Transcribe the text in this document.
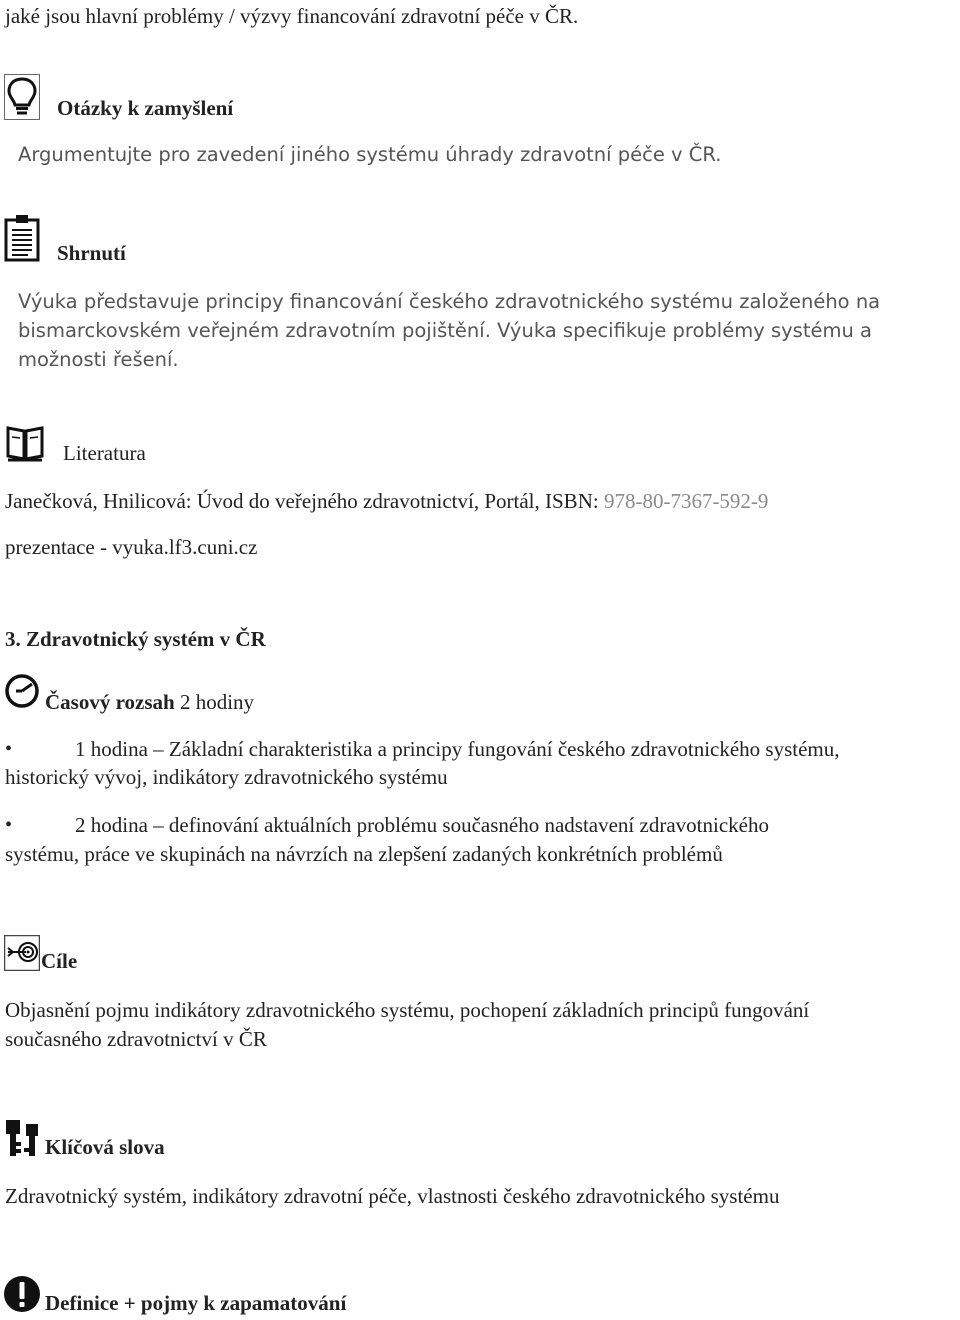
jaké jsou hlavní problémy / výzvy financování zdravotní péče v ČR.
Otázky k zamyšlení
Argumentujte pro zavedení jiného systému úhrady zdravotní péče v ČR.
Shrnutí
Výuka představuje principy financování českého zdravotnického systému založeného na
bismarckovském veřejném zdravotním pojištění. Výuka specifikuje problémy systému a
možnosti řešení.
Literatura
Janečková, Hnilicová: Úvod do veřejného zdravotnictví, Portál, ISBN: 978-80-7367-592-9
prezentace - vyuka.lf3.cuni.cz
3. Zdravotnický systém v ČR
Časový rozsah 2 hodiny
•	1 hodina – Základní charakteristika a principy fungování českého zdravotnického systému,
historický vývoj, indikátory zdravotnického systému
•	2 hodina – definování aktuálních problému současného nadstavení zdravotnického
systému, práce ve skupinách na návrzích na zlepšení zadaných konkrétních problémů
Cíle
Objasnění pojmu indikátory zdravotnického systému, pochopení základních principů fungování
současného zdravotnictví v ČR
Klíčová slova
Zdravotnický systém, indikátory zdravotní péče, vlastnosti českého zdravotnického systému
Definice + pojmy k zapamatování
